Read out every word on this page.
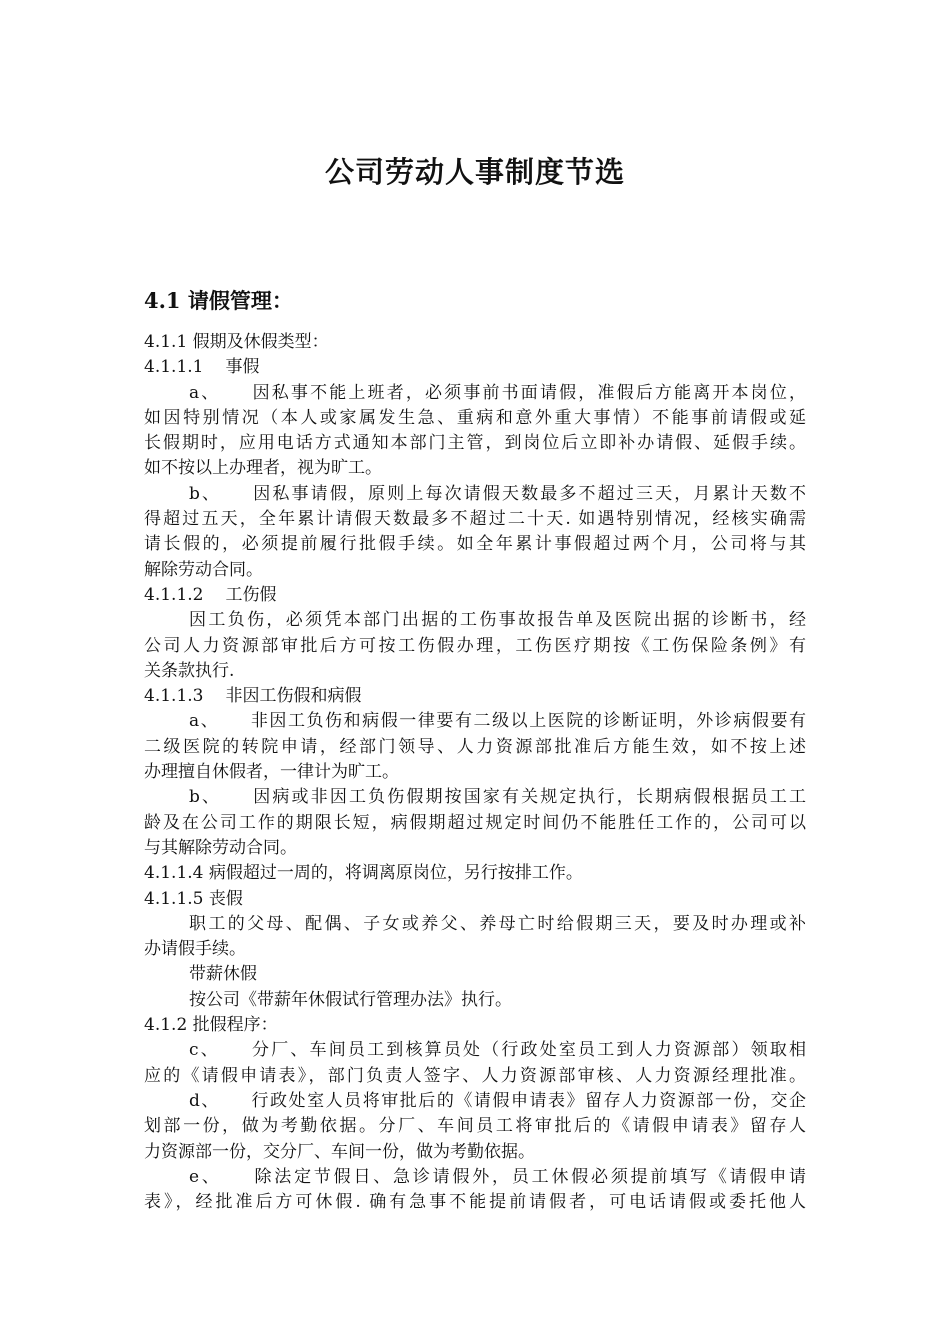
公司劳动人事制度节选
4.1 请假管理：
4.1.1 假期及休假类型：
4.1.1.1 事假
a、 因私事不能上班者，必须事前书面请假，准假后方能离开本岗位，
如因特别情况（本人或家属发生急、重病和意外重大事情）不能事前请假或延
长假期时，应用电话方式通知本部门主管，到岗位后立即补办请假、延假手续。
如不按以上办理者，视为旷工。
b、 因私事请假，原则上每次请假天数最多不超过三天，月累计天数不
得超过五天，全年累计请假天数最多不超过二十天. 如遇特别情况，经核实确需
请长假的，必须提前履行批假手续。如全年累计事假超过两个月，公司将与其
解除劳动合同。
4.1.1.2 工伤假
因工负伤，必须凭本部门出据的工伤事故报告单及医院出据的诊断书，经
公司人力资源部审批后方可按工伤假办理，工伤医疗期按《工伤保险条例》有
关条款执行.
4.1.1.3 非因工伤假和病假
a、 非因工负伤和病假一律要有二级以上医院的诊断证明，外诊病假要有
二级医院的转院申请，经部门领导、人力资源部批准后方能生效，如不按上述
办理擅自休假者，一律计为旷工。
b、 因病或非因工负伤假期按国家有关规定执行，长期病假根据员工工
龄及在公司工作的期限长短，病假期超过规定时间仍不能胜任工作的，公司可以
与其解除劳动合同。
4.1.1.4 病假超过一周的，将调离原岗位，另行按排工作。
4.1.1.5 丧假
职工的父母、配偶、子女或养父、养母亡时给假期三天，要及时办理或补
办请假手续。
带薪休假
按公司《带薪年休假试行管理办法》执行。
4.1.2 批假程序：
c、 分厂、车间员工到核算员处（行政处室员工到人力资源部）领取相
应的《请假申请表》，部门负责人签字、人力资源部审核、人力资源经理批准。
d、 行政处室人员将审批后的《请假申请表》留存人力资源部一份，交企
划部一份，做为考勤依据。分厂、车间员工将审批后的《请假申请表》留存人
力资源部一份，交分厂、车间一份，做为考勤依据。
e、 除法定节假日、急诊请假外，员工休假必须提前填写《请假申请
表》，经批准后方可休假. 确有急事不能提前请假者，可电话请假或委托他人
